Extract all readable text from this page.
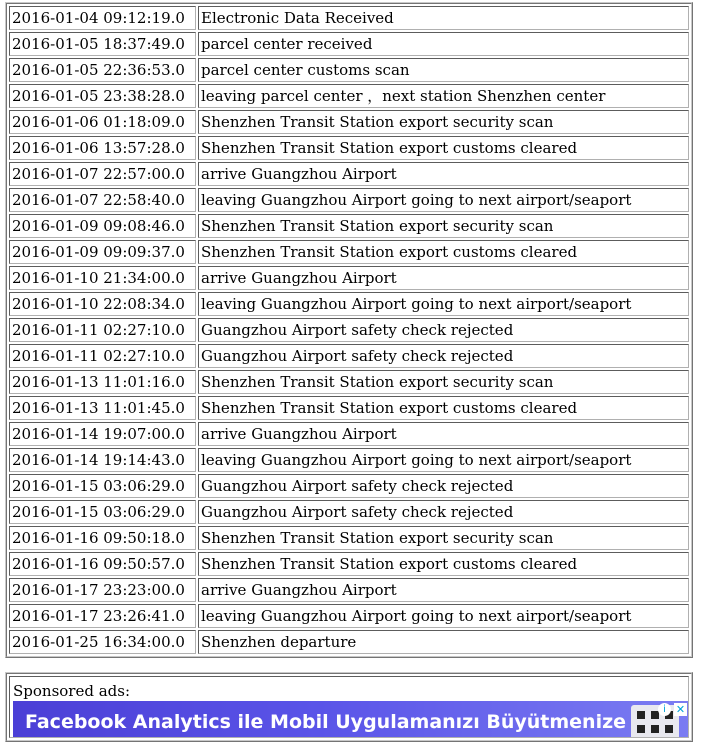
2016-01-04 09:12:19.0	Electronic Data Received
2016-01-05 18:37:49.0	parcel center received
2016-01-05 22:36:53.0	parcel center customs scan
2016-01-05 23:38:28.0	leaving parcel center ，next station Shenzhen center
2016-01-06 01:18:09.0	Shenzhen Transit Station export security scan
2016-01-06 13:57:28.0	Shenzhen Transit Station export customs cleared
2016-01-07 22:57:00.0	arrive Guangzhou Airport
2016-01-07 22:58:40.0	leaving Guangzhou Airport going to next airport/seaport
2016-01-09 09:08:46.0	Shenzhen Transit Station export security scan
2016-01-09 09:09:37.0	Shenzhen Transit Station export customs cleared
2016-01-10 21:34:00.0	arrive Guangzhou Airport
2016-01-10 22:08:34.0	leaving Guangzhou Airport going to next airport/seaport
2016-01-11 02:27:10.0	Guangzhou Airport safety check rejected
2016-01-11 02:27:10.0	Guangzhou Airport safety check rejected
2016-01-13 11:01:16.0	Shenzhen Transit Station export security scan
2016-01-13 11:01:45.0	Shenzhen Transit Station export customs cleared
2016-01-14 19:07:00.0	arrive Guangzhou Airport
2016-01-14 19:14:43.0	leaving Guangzhou Airport going to next airport/seaport
2016-01-15 03:06:29.0	Guangzhou Airport safety check rejected
2016-01-15 03:06:29.0	Guangzhou Airport safety check rejected
2016-01-16 09:50:18.0	Shenzhen Transit Station export security scan
2016-01-16 09:50:57.0	Shenzhen Transit Station export customs cleared
2016-01-17 23:23:00.0	arrive Guangzhou Airport
2016-01-17 23:26:41.0	leaving Guangzhou Airport going to next airport/seaport
2016-01-25 16:34:00.0	Shenzhen departure
Sponsored ads:
Facebook Analytics ile Mobil Uygulamanızı Büyütmenize
i ✕
